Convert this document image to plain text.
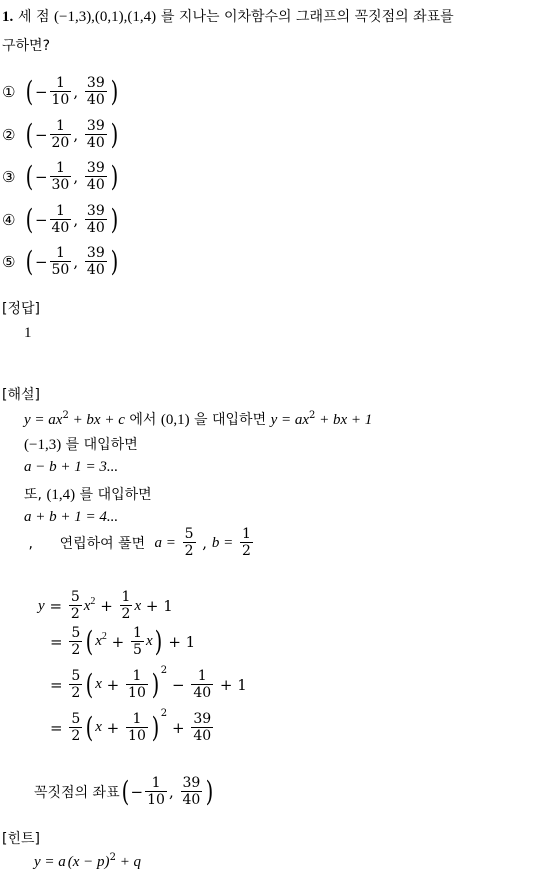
1. 세 점 (−1,3),(0,1),(1,4) 를 지나는 이차함수의 그래프의 꼭짓점의 좌표를
구하면?
① ( − $\frac{1}{10}$ , $\frac{39}{40}$ )
② ( − $\frac{1}{20}$ , $\frac{39}{40}$ )
③ ( − $\frac{1}{30}$ , $\frac{39}{40}$ )
④ ( − $\frac{1}{40}$ , $\frac{39}{40}$ )
⑤ ( − $\frac{1}{50}$ , $\frac{39}{40}$ )
[정답]
1
[해설]
$y = ax^2$ + bx + c 에서 (0,1) 을 대입하면 $y = ax^2$ + bx + 1
(−1,3) 를 대입하면
a − b + 1 = 3...
또, (1,4) 를 대입하면
a + b + 1 = 4...
,      연립하여 풀면  $a = \frac{5}{2}$ , $b = \frac{1}{2}$
$y = \frac{5}{2} x^2 + \frac{1}{2}$ x + 1
= $\frac{5}{2}$ ( $x^2 + \frac{1}{5} x) + 1$
= $\frac{5}{2}$ ( $x + \frac{1}{10}$ ) $2 - \frac{1}{40} + 1$
= $\frac{5}{2}$ ( $x + \frac{1}{10}$ ) $2 + \frac{39}{40}$
꼭짓점의 좌표( − $\frac{1}{10}$ , $\frac{39}{40}$ )
[힌트]
y = a $(x - p)^2 + q$
